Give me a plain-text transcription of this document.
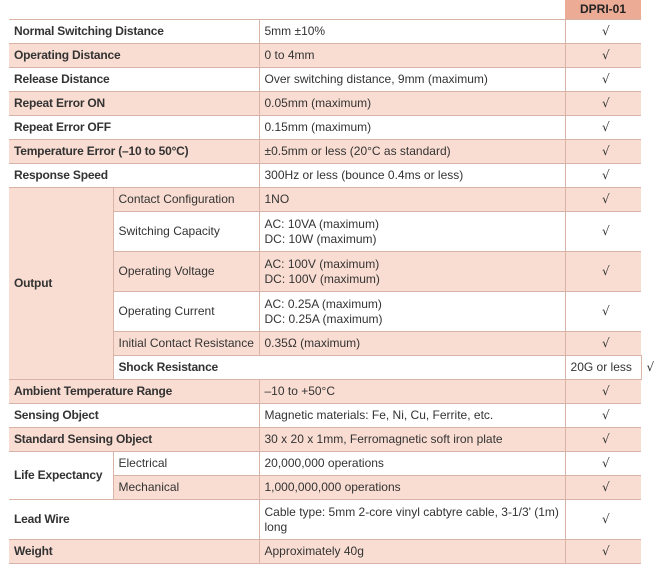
			DPRI-01	
Normal Switching Distance		5mm ±10%	√	
Operating Distance		0 to 4mm	√	
Release Distance		Over switching distance, 9mm (maximum)	√	
Repeat Error ON		0.05mm (maximum)	√	
Repeat Error OFF		0.15mm (maximum)	√	
Temperature Error (–10 to 50°C)		±0.5mm or less (20°C as standard)	√	
Response Speed		300Hz or less (bounce 0.4ms or less)	√	
Output	Contact Configuration	1NO	√	
	Switching Capacity	AC: 10VA (maximum)
DC: 10W (maximum)	√	
	Operating Voltage	AC: 100V (maximum)
DC: 100V (maximum)	√	
	Operating Current	AC: 0.25A (maximum)
DC: 0.25A (maximum)	√	
	Initial Contact Resistance	0.35Ω (maximum)	√	
	Shock Resistance		20G or less	√
Ambient Temperature Range		–10 to +50°C	√	
Sensing Object		Magnetic materials: Fe, Ni, Cu, Ferrite, etc.	√	
Standard Sensing Object		30 x 20 x 1mm, Ferromagnetic soft iron plate	√	
Life Expectancy	Electrical	20,000,000 operations	√	
	Mechanical	1,000,000,000 operations	√	
Lead Wire		Cable type: 5mm 2-core vinyl cabtyre cable, 3-1/3' (1m)
long	√	
Weight		Approximately 40g	√	
